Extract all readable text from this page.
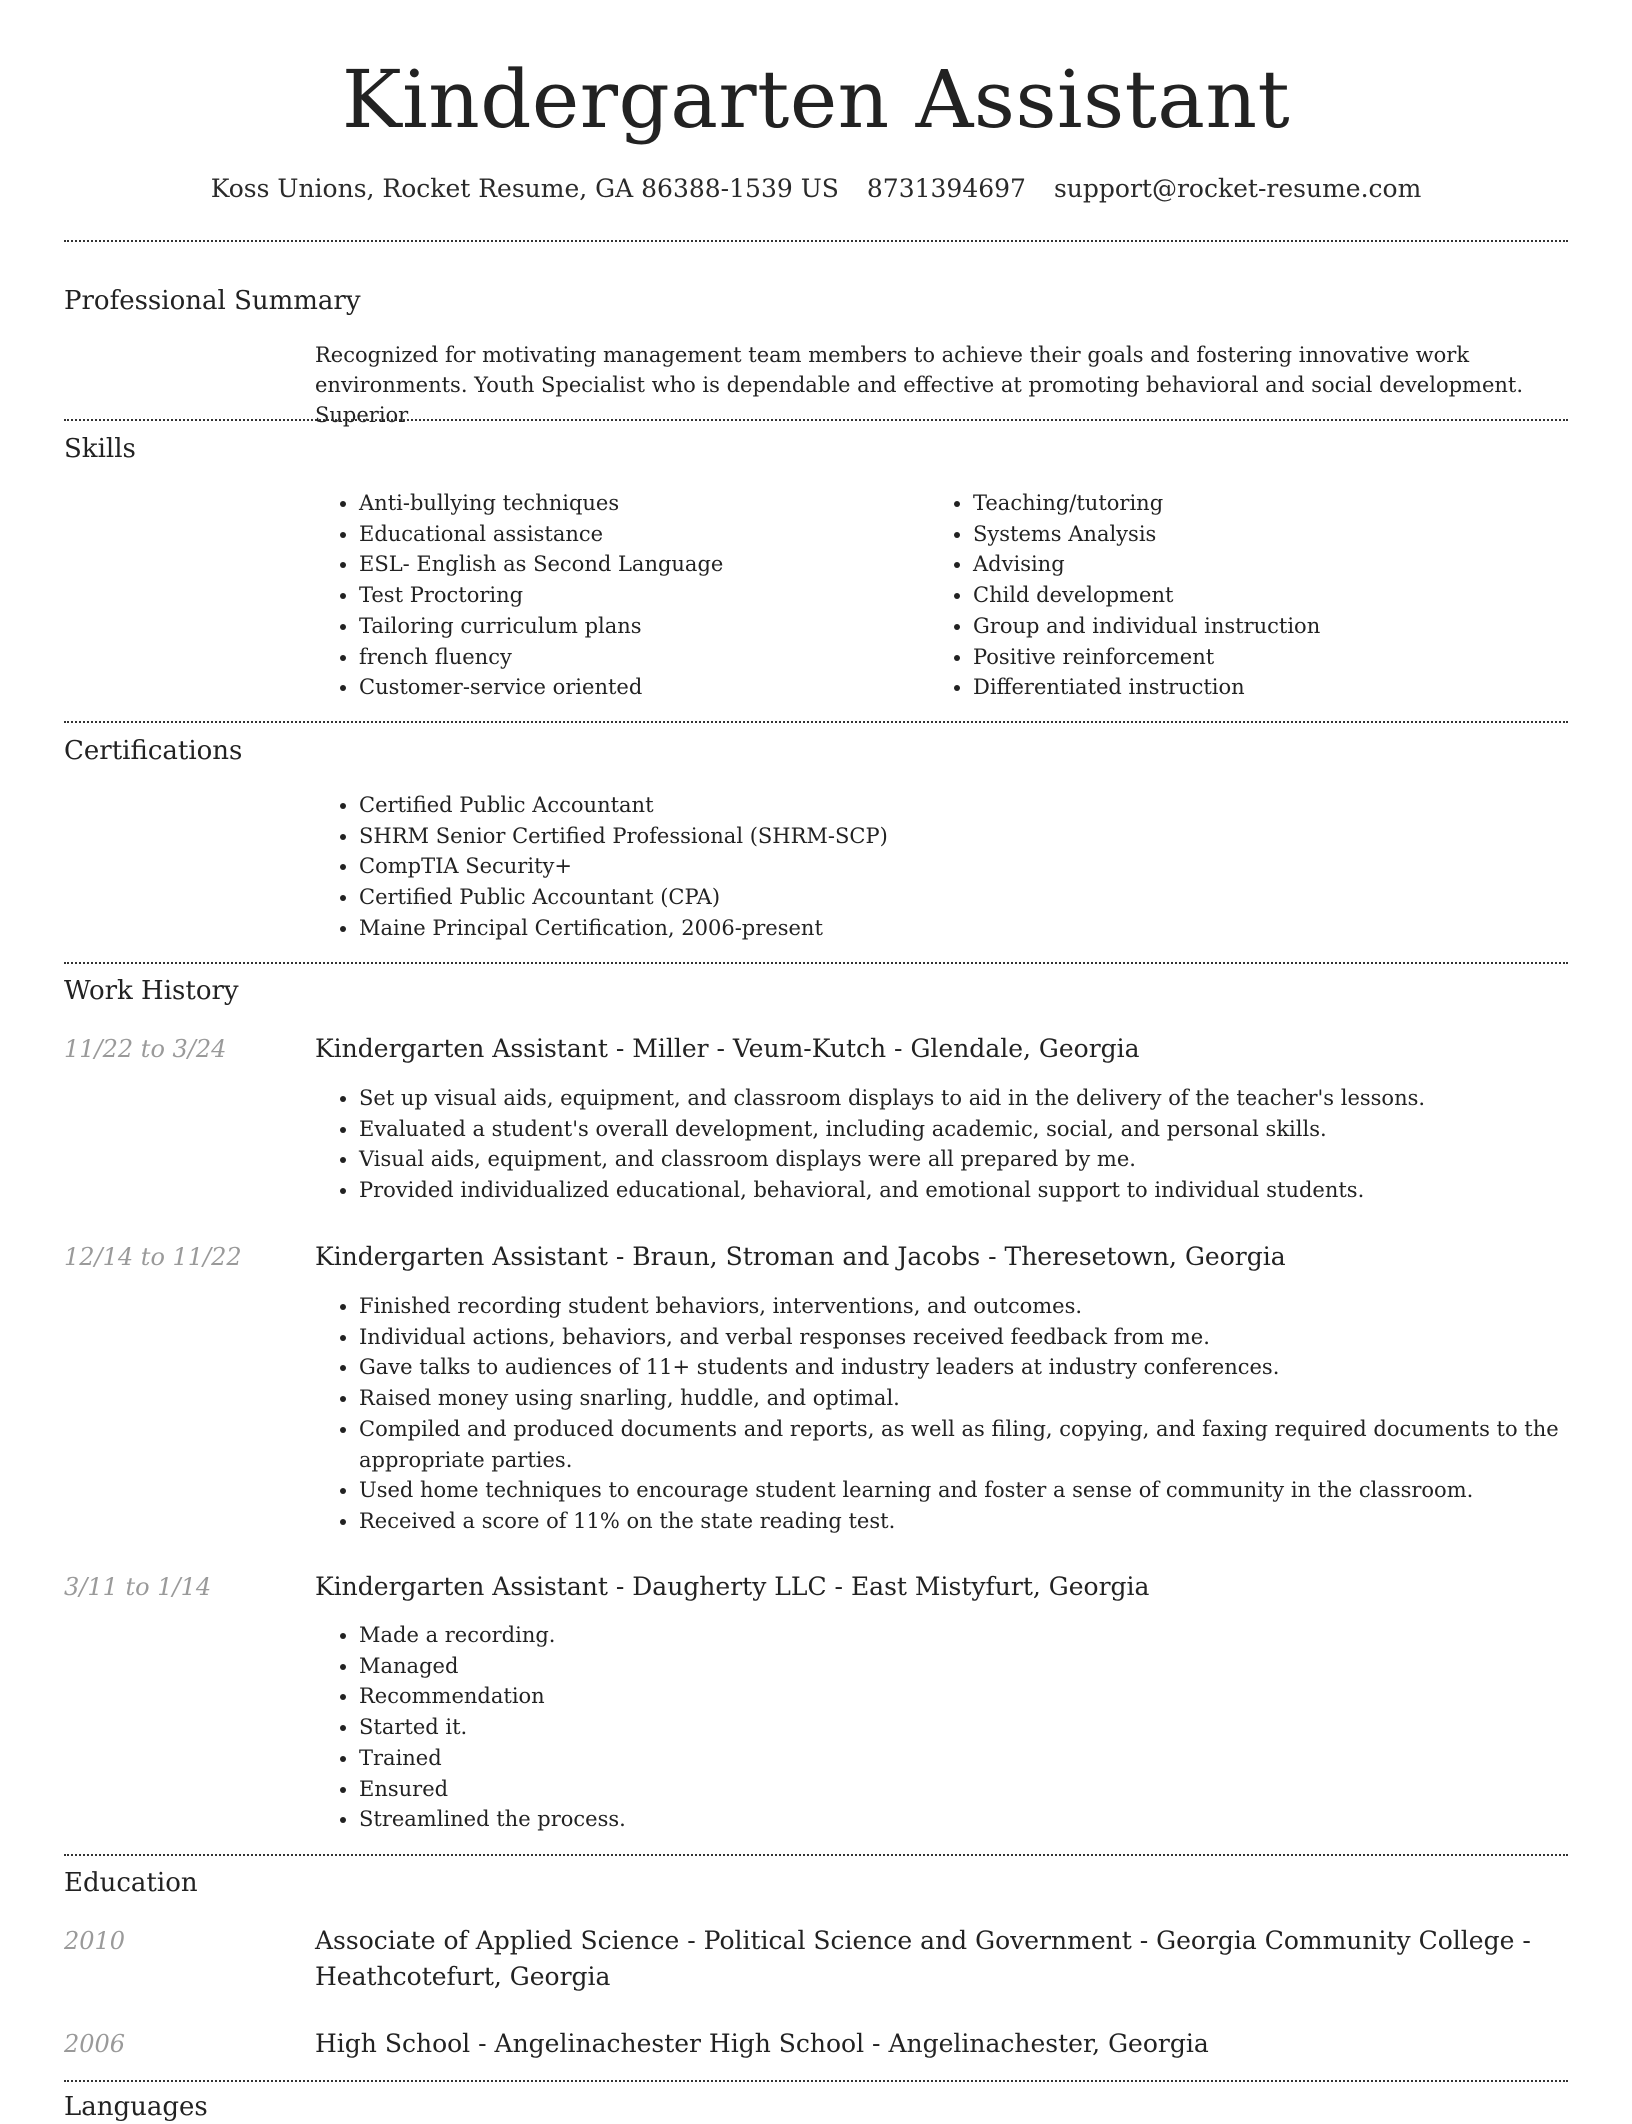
Kindergarten Assistant
Koss Unions, Rocket Resume, GA 86388-1539 US 8731394697 support@rocket-resume.com
Professional Summary
Recognized for motivating management team members to achieve their goals and fostering innovative work environments. Youth Specialist who is dependable and effective at promoting behavioral and social development. Superior
Skills
• Anti-bullying techniques
• Educational assistance
• ESL- English as Second Language
• Test Proctoring
• Tailoring curriculum plans
• french fluency
• Customer-service oriented
• Teaching/tutoring
• Systems Analysis
• Advising
• Child development
• Group and individual instruction
• Positive reinforcement
• Differentiated instruction
Certifications
• Certified Public Accountant
• SHRM Senior Certified Professional (SHRM-SCP)
• CompTIA Security+
• Certified Public Accountant (CPA)
• Maine Principal Certification, 2006-present
Work History
11/22 to 3/24	Kindergarten Assistant - Miller - Veum-Kutch - Glendale, Georgia
• Set up visual aids, equipment, and classroom displays to aid in the delivery of the teacher's lessons.
• Evaluated a student's overall development, including academic, social, and personal skills.
• Visual aids, equipment, and classroom displays were all prepared by me.
• Provided individualized educational, behavioral, and emotional support to individual students.
12/14 to 11/22	Kindergarten Assistant - Braun, Stroman and Jacobs - Theresetown, Georgia
• Finished recording student behaviors, interventions, and outcomes.
• Individual actions, behaviors, and verbal responses received feedback from me.
• Gave talks to audiences of 11+ students and industry leaders at industry conferences.
• Raised money using snarling, huddle, and optimal.
• Compiled and produced documents and reports, as well as filing, copying, and faxing required documents to the appropriate parties.
• Used home techniques to encourage student learning and foster a sense of community in the classroom.
• Received a score of 11% on the state reading test.
3/11 to 1/14	Kindergarten Assistant - Daugherty LLC - East Mistyfurt, Georgia
• Made a recording.
• Managed
• Recommendation
• Started it.
• Trained
• Ensured
• Streamlined the process.
Education
2010	Associate of Applied Science - Political Science and Government - Georgia Community College - Heathcotefurt, Georgia
2006	High School - Angelinachester High School - Angelinachester, Georgia
Languages
